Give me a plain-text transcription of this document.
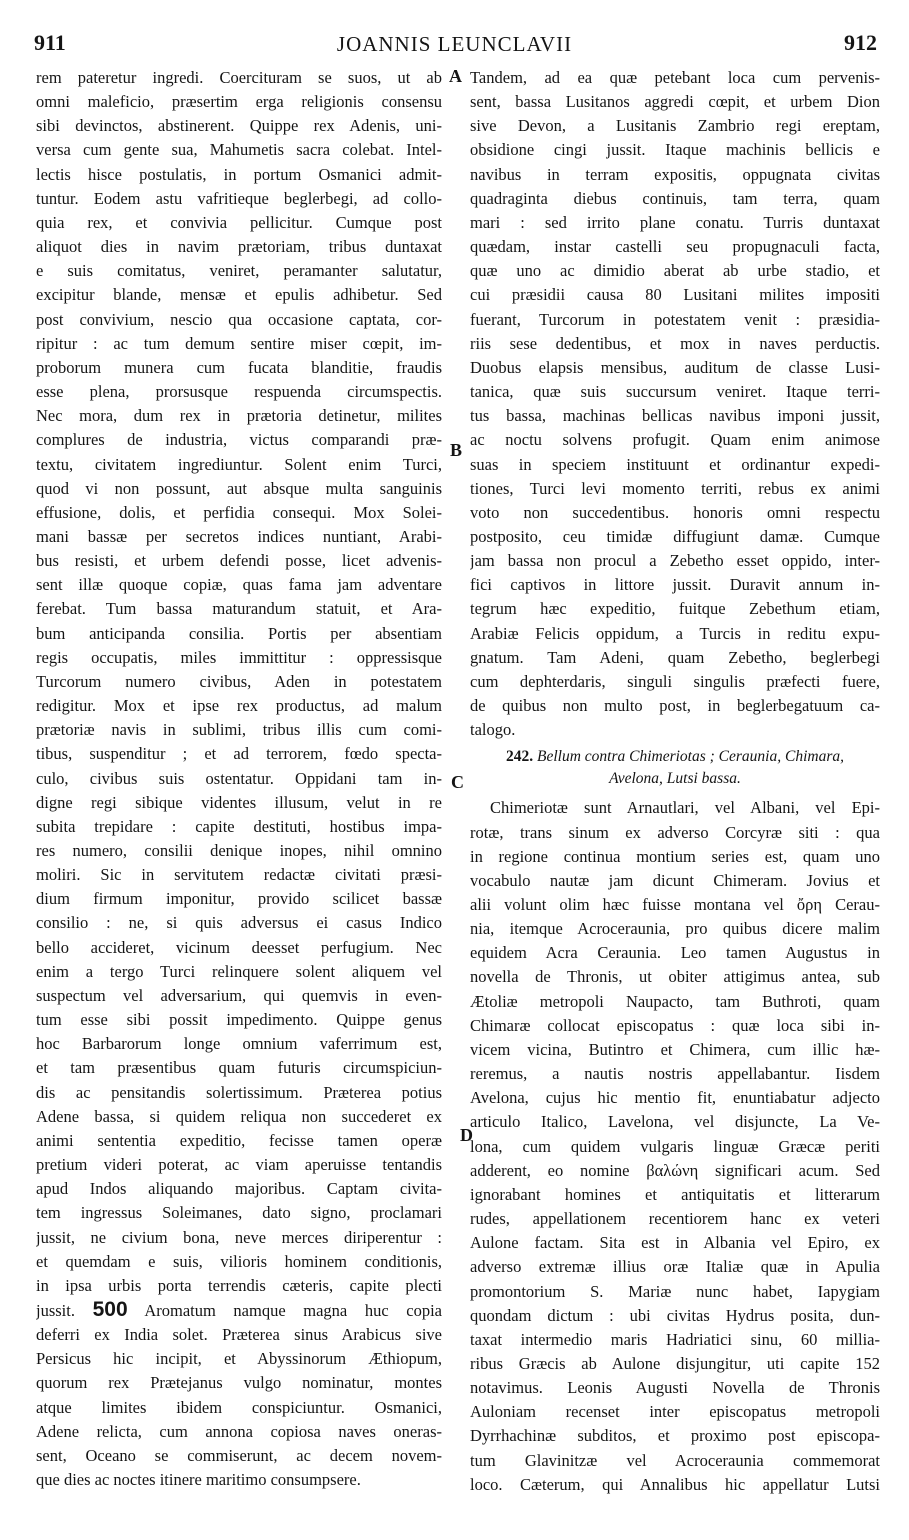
911	JOANNIS LEUNCLAVII	912
A
B
C
D
rem pateretur ingredi. Coercituram se suos, ut ab
omni maleficio, præsertim erga religionis consensu
sibi devinctos, abstinerent. Quippe rex Adenis, uni-
versa cum gente sua, Mahumetis sacra colebat. Intel-
lectis hisce postulatis, in portum Osmanici admit-
tuntur. Eodem astu vafritieque beglerbegi, ad collo-
quia rex, et convivia pellicitur. Cumque post
aliquot dies in navim prætoriam, tribus duntaxat
e suis comitatus, veniret, peramanter salutatur,
excipitur blande, mensæ et epulis adhibetur. Sed
post convivium, nescio qua occasione captata, cor-
ripitur : ac tum demum sentire miser cœpit, im-
proborum munera cum fucata blanditie, fraudis
esse plena, prorsusque respuenda circumspectis.
Nec mora, dum rex in prætoria detinetur, milites
complures de industria, victus comparandi præ-
textu, civitatem ingrediuntur. Solent enim Turci,
quod vi non possunt, aut absque multa sanguinis
effusione, dolis, et perfidia consequi. Mox Solei-
mani bassæ per secretos indices nuntiant, Arabi-
bus resisti, et urbem defendi posse, licet advenis-
sent illæ quoque copiæ, quas fama jam adventare
ferebat. Tum bassa maturandum statuit, et Ara-
bum anticipanda consilia. Portis per absentiam
regis occupatis, miles immittitur : oppressisque
Turcorum numero civibus, Aden in potestatem
redigitur. Mox et ipse rex productus, ad malum
prætoriæ navis in sublimi, tribus illis cum comi-
tibus, suspenditur ; et ad terrorem, fœdo specta-
culo, civibus suis ostentatur. Oppidani tam in-
digne regi sibique videntes illusum, velut in re
subita trepidare : capite destituti, hostibus impa-
res numero, consilii denique inopes, nihil omnino
moliri. Sic in servitutem redactæ civitati præsi-
dium firmum imponitur, provido scilicet bassæ
consilio : ne, si quis adversus ei casus Indico
bello accideret, vicinum deesset perfugium. Nec
enim a tergo Turci relinquere solent aliquem vel
suspectum vel adversarium, qui quemvis in even-
tum esse sibi possit impedimento. Quippe genus
hoc Barbarorum longe omnium vaferrimum est,
et tam præsentibus quam futuris circumspiciun-
dis ac pensitandis solertissimum. Præterea potius
Adene bassa, si quidem reliqua non succederet ex
animi sententia expeditio, fecisse tamen operæ
pretium videri poterat, ac viam aperuisse tentandis
apud Indos aliquando majoribus. Captam civita-
tem ingressus Soleimanes, dato signo, proclamari
jussit, ne civium bona, neve merces diriperentur :
et quemdam e suis, vilioris hominem conditionis,
in ipsa urbis porta terrendis cæteris, capite plecti
jussit. 500 Aromatum namque magna huc copia
deferri ex India solet. Præterea sinus Arabicus sive
Persicus hic incipit, et Abyssinorum Æthiopum,
quorum rex Prætejanus vulgo nominatur, montes
atque limites ibidem conspiciuntur. Osmanici,
Adene relicta, cum annona copiosa naves oneras-
sent, Oceano se commiserunt, ac decem novem-
que dies ac noctes itinere maritimo consumpsere.
Tandem, ad ea quæ petebant loca cum pervenis-
sent, bassa Lusitanos aggredi cœpit, et urbem Dion
sive Devon, a Lusitanis Zambrio regi ereptam,
obsidione cingi jussit. Itaque machinis bellicis e
navibus in terram expositis, oppugnata civitas
quadraginta diebus continuis, tam terra, quam
mari : sed irrito plane conatu. Turris duntaxat
quædam, instar castelli seu propugnaculi facta,
quæ uno ac dimidio aberat ab urbe stadio, et
cui præsidii causa 80 Lusitani milites impositi
fuerant, Turcorum in potestatem venit : præsidia-
riis sese dedentibus, et mox in naves perductis.
Duobus elapsis mensibus, auditum de classe Lusi-
tanica, quæ suis succursum veniret. Itaque terri-
tus bassa, machinas bellicas navibus imponi jussit,
ac noctu solvens profugit. Quam enim animose
suas in speciem instituunt et ordinantur expedi-
tiones, Turci levi momento territi, rebus ex animi
voto non succedentibus. honoris omni respectu
postposito, ceu timidæ diffugiunt damæ. Cumque
jam bassa non procul a Zebetho esset oppido, inter-
fici captivos in littore jussit. Duravit annum in-
tegrum hæc expeditio, fuitque Zebethum etiam,
Arabiæ Felicis oppidum, a Turcis in reditu expu-
gnatum. Tam Adeni, quam Zebetho, beglerbegi
cum dephterdaris, singuli singulis præfecti fuere,
de quibus non multo post, in beglerbegatuum ca-
talogo.
242. Bellum contra Chimeriotas ; Ceraunia, Chimara,
Avelona, Lutsi bassa.
Chimeriotæ sunt Arnautlari, vel Albani, vel Epi-
rotæ, trans sinum ex adverso Corcyræ siti : qua
in regione continua montium series est, quam uno
vocabulo nautæ jam dicunt Chimeram. Jovius et
alii volunt olim hæc fuisse montana vel ὄρη Cerau-
nia, itemque Acroceraunia, pro quibus dicere malim
equidem Acra Ceraunia. Leo tamen Augustus in
novella de Thronis, ut obiter attigimus antea, sub
Ætoliæ metropoli Naupacto, tam Buthroti, quam
Chimaræ collocat episcopatus : quæ loca sibi in-
vicem vicina, Butintro et Chimera, cum illic hæ-
reremus, a nautis nostris appellabantur. Iisdem
Avelona, cujus hic mentio fit, enuntiabatur adjecto
articulo Italico, Lavelona, vel disjuncte, La Ve-
lona, cum quidem vulgaris linguæ Græcæ periti
adderent, eo nomine βαλώνη significari acum. Sed
ignorabant homines et antiquitatis et litterarum
rudes, appellationem recentiorem hanc ex veteri
Aulone factam. Sita est in Albania vel Epiro, ex
adverso extremæ illius oræ Italiæ quæ in Apulia
promontorium S. Mariæ nunc habet, Iapygiam
quondam dictum : ubi civitas Hydrus posita, dun-
taxat intermedio maris Hadriatici sinu, 60 millia-
ribus Græcis ab Aulone disjungitur, uti capite 152
notavimus. Leonis Augusti Novella de Thronis
Auloniam recenset inter episcopatus metropoli
Dyrrhachinæ subditos, et proximo post episcopa-
tum Glavinitzæ vel Acroceraunia commemorat
loco. Cæterum, qui Annalibus hic appellatur Lutsi
